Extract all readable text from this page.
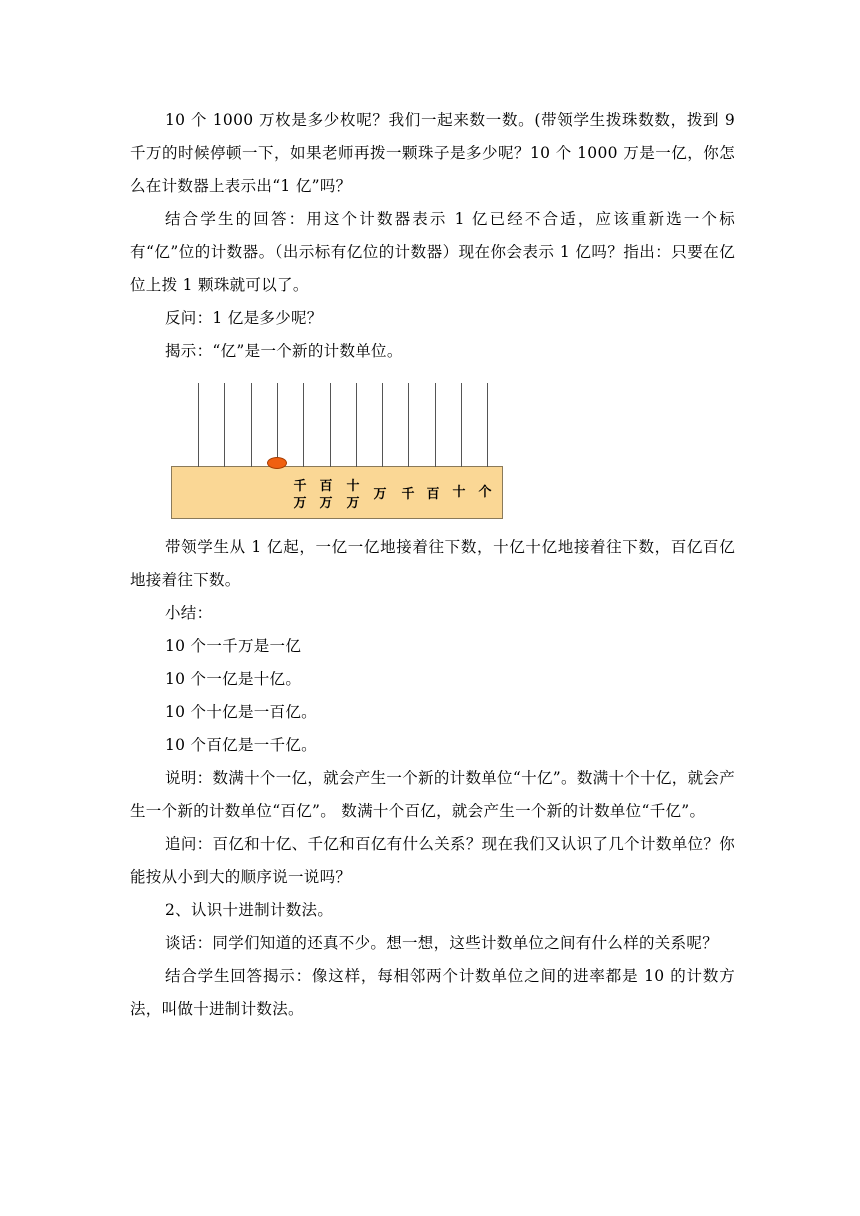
10 个 1000 万枚是多少枚呢？我们一起来数一数。(带领学生拨珠数数，拨到 9 千万的时候停顿一下，如果老师再拨一颗珠子是多少呢？10 个 1000 万是一亿，你怎么在计数器上表示出“1 亿”吗？

结合学生的回答：用这个计数器表示 1 亿已经不合适，应该重新选一个标有“亿”位的计数器。（出示标有亿位的计数器）现在你会表示 1 亿吗？指出：只要在亿位上拨 1 颗珠就可以了。

反问：1 亿是多少呢？

揭示：“亿”是一个新的计数单位。

千
万
百
万
十
万
万 千 百 十 个

带领学生从 1 亿起，一亿一亿地接着往下数，十亿十亿地接着往下数，百亿百亿地接着往下数。

小结：

10 个一千万是一亿

10 个一亿是十亿。

10 个十亿是一百亿。

10 个百亿是一千亿。

说明：数满十个一亿，就会产生一个新的计数单位“十亿”。数满十个十亿，就会产生一个新的计数单位“百亿”。 数满十个百亿，就会产生一个新的计数单位“千亿”。

追问：百亿和十亿、千亿和百亿有什么关系？现在我们又认识了几个计数单位？你能按从小到大的顺序说一说吗？

2、认识十进制计数法。

谈话：同学们知道的还真不少。想一想，这些计数单位之间有什么样的关系呢？

结合学生回答揭示：像这样，每相邻两个计数单位之间的进率都是 10 的计数方法，叫做十进制计数法。
